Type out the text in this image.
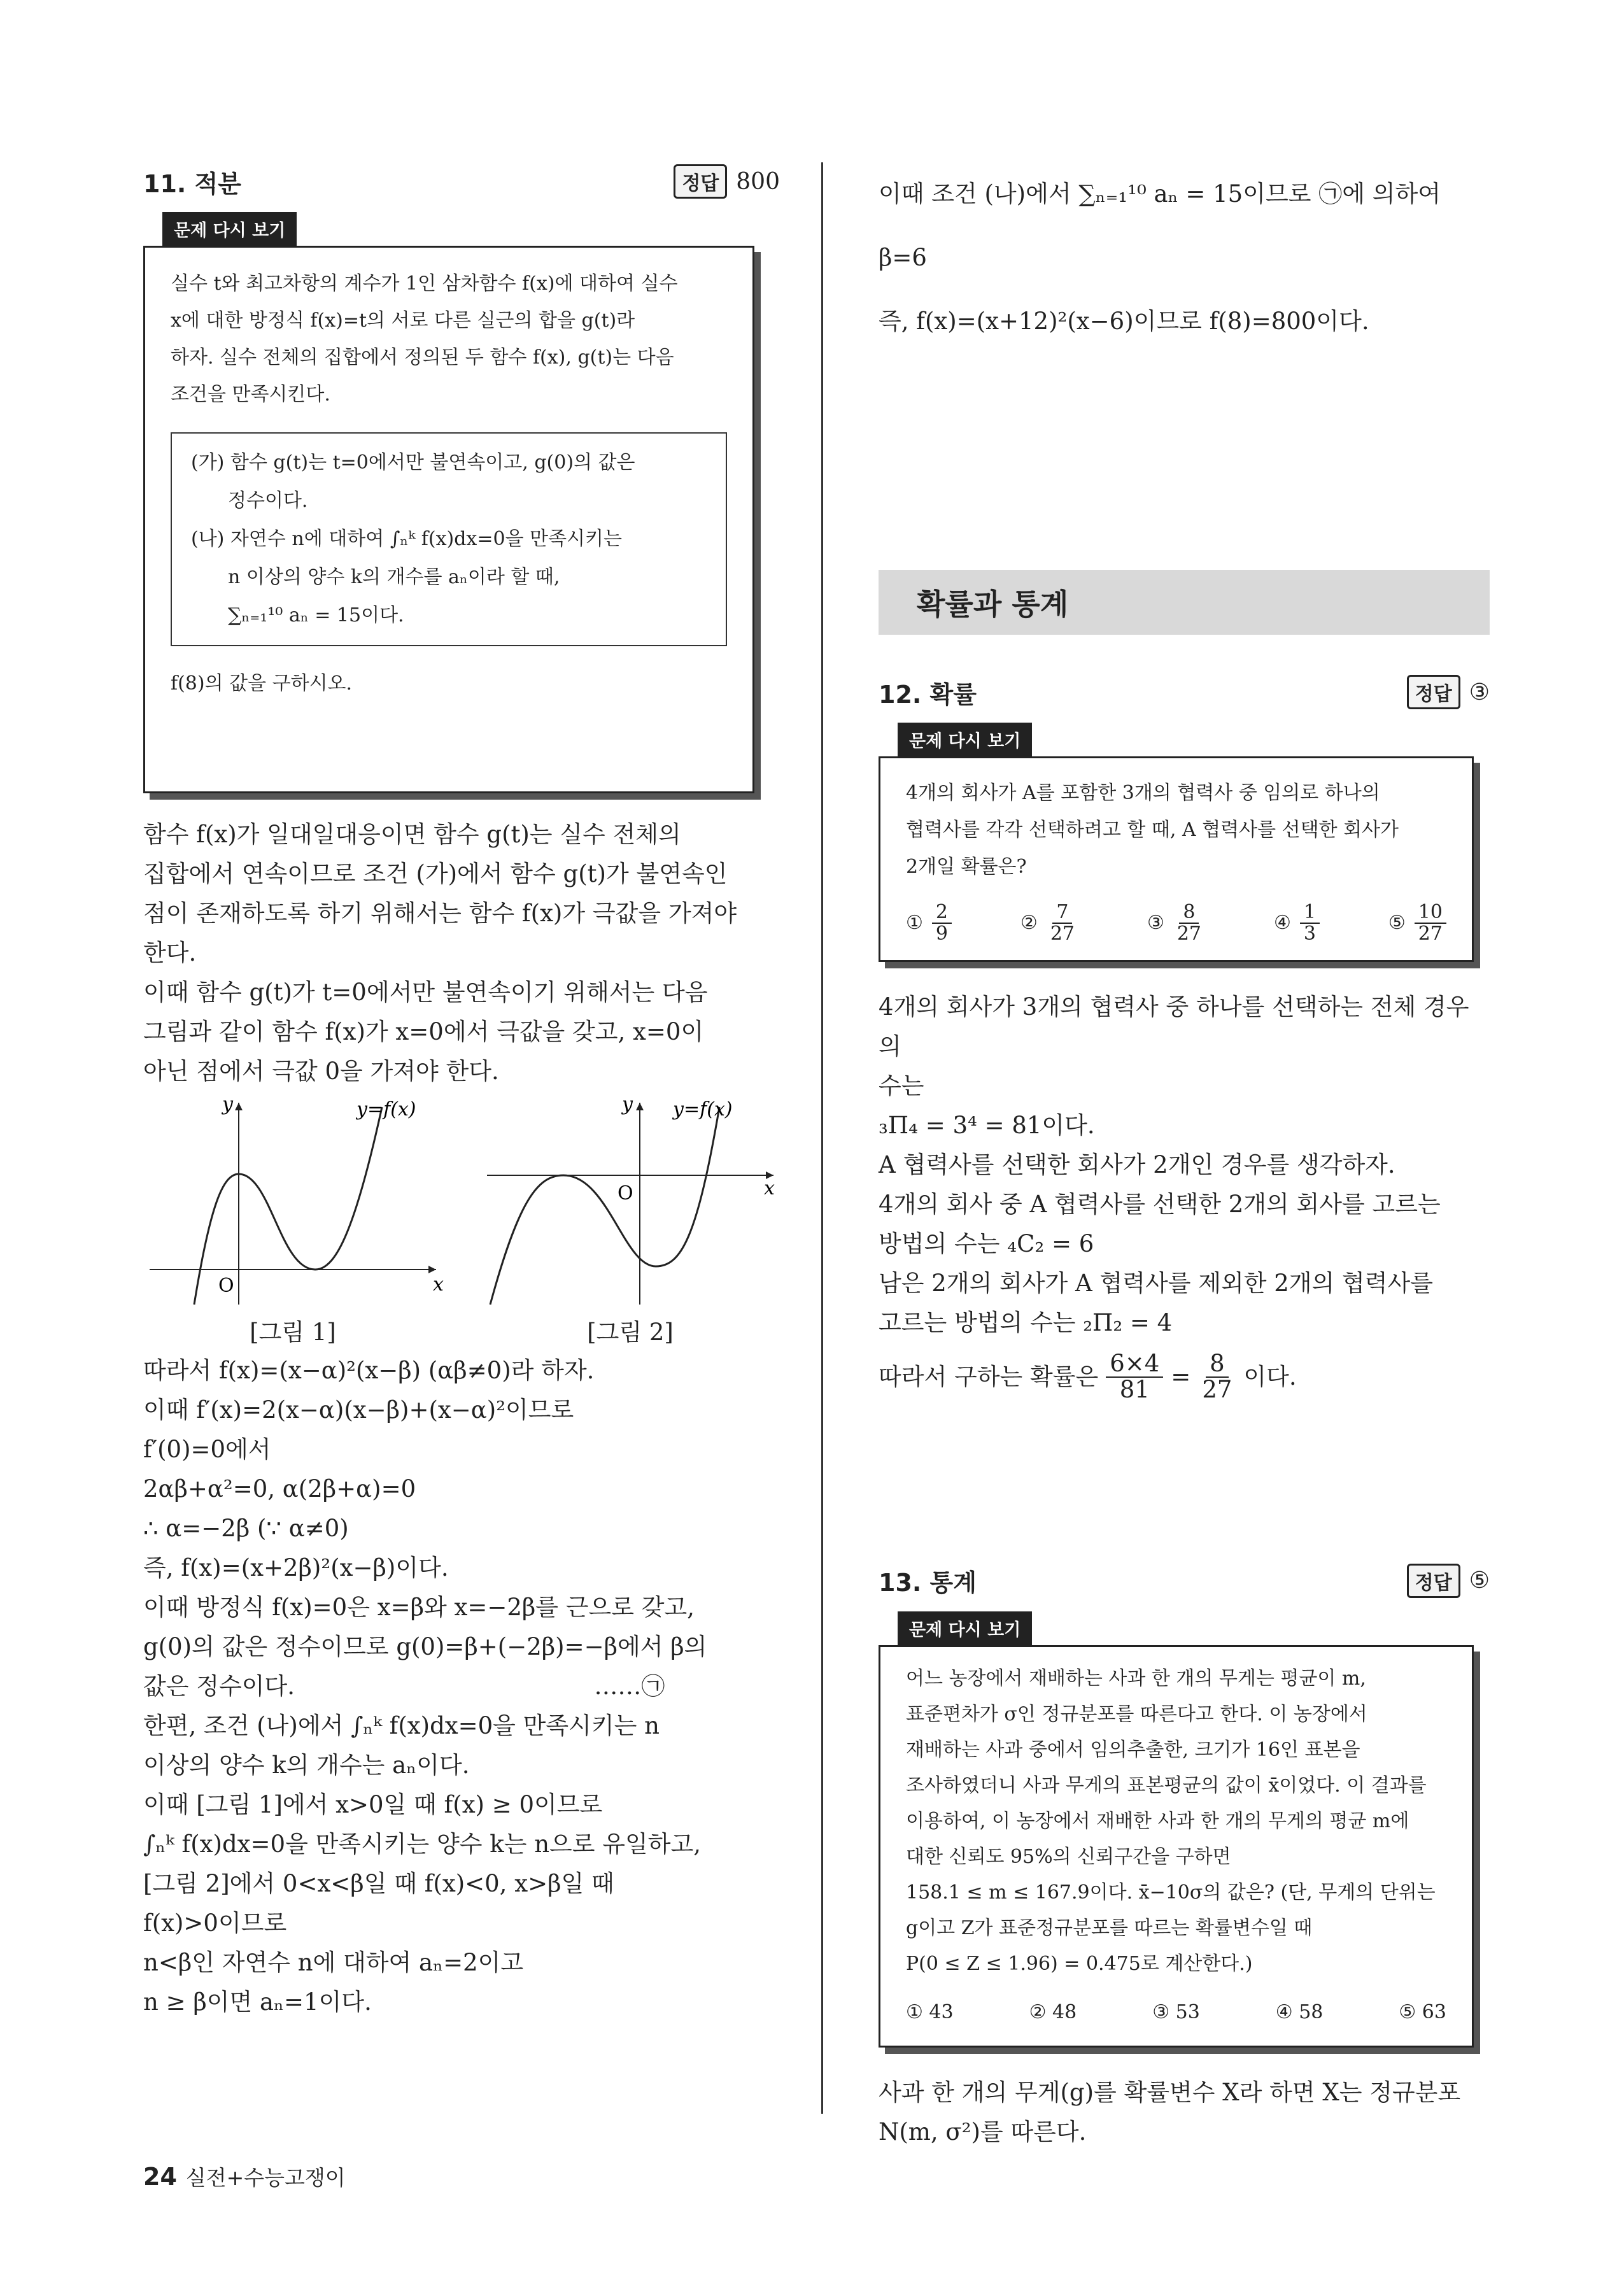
11. 적분	정답 800
문제 다시 보기

실수 t와 최고차항의 계수가 1인 삼차함수 f(x)에 대하여 실수

x에 대한 방정식 f(x)=t의 서로 다른 실근의 합을 g(t)라

하자. 실수 전체의 집합에서 정의된 두 함수 f(x), g(t)는 다음

조건을 만족시킨다.

(가) 함수 g(t)는 t=0에서만 불연속이고, g(0)의 값은

정수이다.

(나) 자연수 n에 대하여 ∫ₙᵏ f(x)dx=0을 만족시키는

n 이상의 양수 k의 개수를 aₙ이라 할 때,

∑ₙ₌₁¹⁰ aₙ = 15이다.

f(8)의 값을 구하시오.

함수 f(x)가 일대일대응이면 함수 g(t)는 실수 전체의

집합에서 연속이므로 조건 (가)에서 함수 g(t)가 불연속인

점이 존재하도록 하기 위해서는 함수 f(x)가 극값을 가져야

한다.

이때 함수 g(t)가 t=0에서만 불연속이기 위해서는 다음

그림과 같이 함수 f(x)가 x=0에서 극값을 갖고, x=0이

아닌 점에서 극값 0을 가져야 한다.

y
x
O
y=f(x)
[그림 1]
y
x
O
y=f(x)
[그림 2]

따라서 f(x)=(x−α)²(x−β) (αβ≠0)라 하자.

이때 f′(x)=2(x−α)(x−β)+(x−α)²이므로

f′(0)=0에서

2αβ+α²=0, α(2β+α)=0

∴ α=−2β (∵ α≠0)

즉, f(x)=(x+2β)²(x−β)이다.

이때 방정식 f(x)=0은 x=β와 x=−2β를 근으로 갖고,

g(0)의 값은 정수이므로 g(0)=β+(−2β)=−β에서 β의

값은 정수이다.                                        ……㉠

한편, 조건 (나)에서 ∫ₙᵏ f(x)dx=0을 만족시키는 n

이상의 양수 k의 개수는 aₙ이다.

이때 [그림 1]에서 x>0일 때 f(x) ≥ 0이므로

∫ₙᵏ f(x)dx=0을 만족시키는 양수 k는 n으로 유일하고,

[그림 2]에서 0<x<β일 때 f(x)<0, x>β일 때

f(x)>0이므로

n<β인 자연수 n에 대하여 aₙ=2이고

n ≥ β이면 aₙ=1이다.

이때 조건 (나)에서 ∑ₙ₌₁¹⁰ aₙ = 15이므로 ㉠에 의하여 β=6

즉, f(x)=(x+12)²(x−6)이므로 f(8)=800이다.

확률과 통계
12. 확률	정답 ③
문제 다시 보기

4개의 회사가 A를 포함한 3개의 협력사 중 임의로 하나의

협력사를 각각 선택하려고 할 때, A 협력사를 선택한 회사가

2개일 확률은?

① $\frac{2}{9}$	② $\frac{7}{27}$	③ $\frac{8}{27}$	④ $\frac{1}{3}$	⑤ $\frac{10}{27}$

4개의 회사가 3개의 협력사 중 하나를 선택하는 전체 경우의

수는

₃Π₄ = 3⁴ = 81이다.

A 협력사를 선택한 회사가 2개인 경우를 생각하자.

4개의 회사 중 A 협력사를 선택한 2개의 회사를 고르는

방법의 수는 ₄C₂ = 6

남은 2개의 회사가 A 협력사를 제외한 2개의 협력사를

고르는 방법의 수는 ₂Π₂ = 4

따라서 구하는 확률은 $\frac{6\times 4}{81} = \frac{8}{27}$ 이다.

13. 통계	정답 ⑤
문제 다시 보기

어느 농장에서 재배하는 사과 한 개의 무게는 평균이 m,

표준편차가 σ인 정규분포를 따른다고 한다. 이 농장에서

재배하는 사과 중에서 임의추출한, 크기가 16인 표본을

조사하였더니 사과 무게의 표본평균의 값이 x̄이었다. 이 결과를

이용하여, 이 농장에서 재배한 사과 한 개의 무게의 평균 m에

대한 신뢰도 95%의 신뢰구간을 구하면

158.1 ≤ m ≤ 167.9이다. x̄−10σ의 값은? (단, 무게의 단위는

g이고 Z가 표준정규분포를 따르는 확률변수일 때

P(0 ≤ Z ≤ 1.96) = 0.475로 계산한다.)

① 43	② 48	③ 53	④ 58	⑤ 63

사과 한 개의 무게(g)를 확률변수 X라 하면 X는 정규분포

N(m, σ²)를 따른다.

24 실전+수능고쟁이
